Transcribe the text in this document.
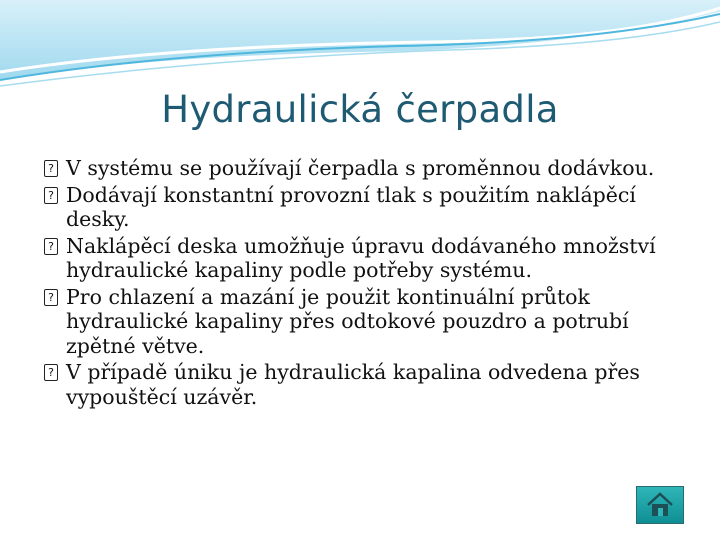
Hydraulická čerpadla
? V systému se používají čerpadla s proměnnou dodávkou.
? Dodávají konstantní provozní tlak s použitím naklápěcí desky.
? Naklápěcí deska umožňuje úpravu dodávaného množství hydraulické kapaliny podle potřeby systému.
? Pro chlazení a mazání je použit kontinuální průtok hydraulické kapaliny přes odtokové pouzdro a potrubí zpětné větve.
? V případě úniku je hydraulická kapalina odvedena přes vypouštěcí uzávěr.
